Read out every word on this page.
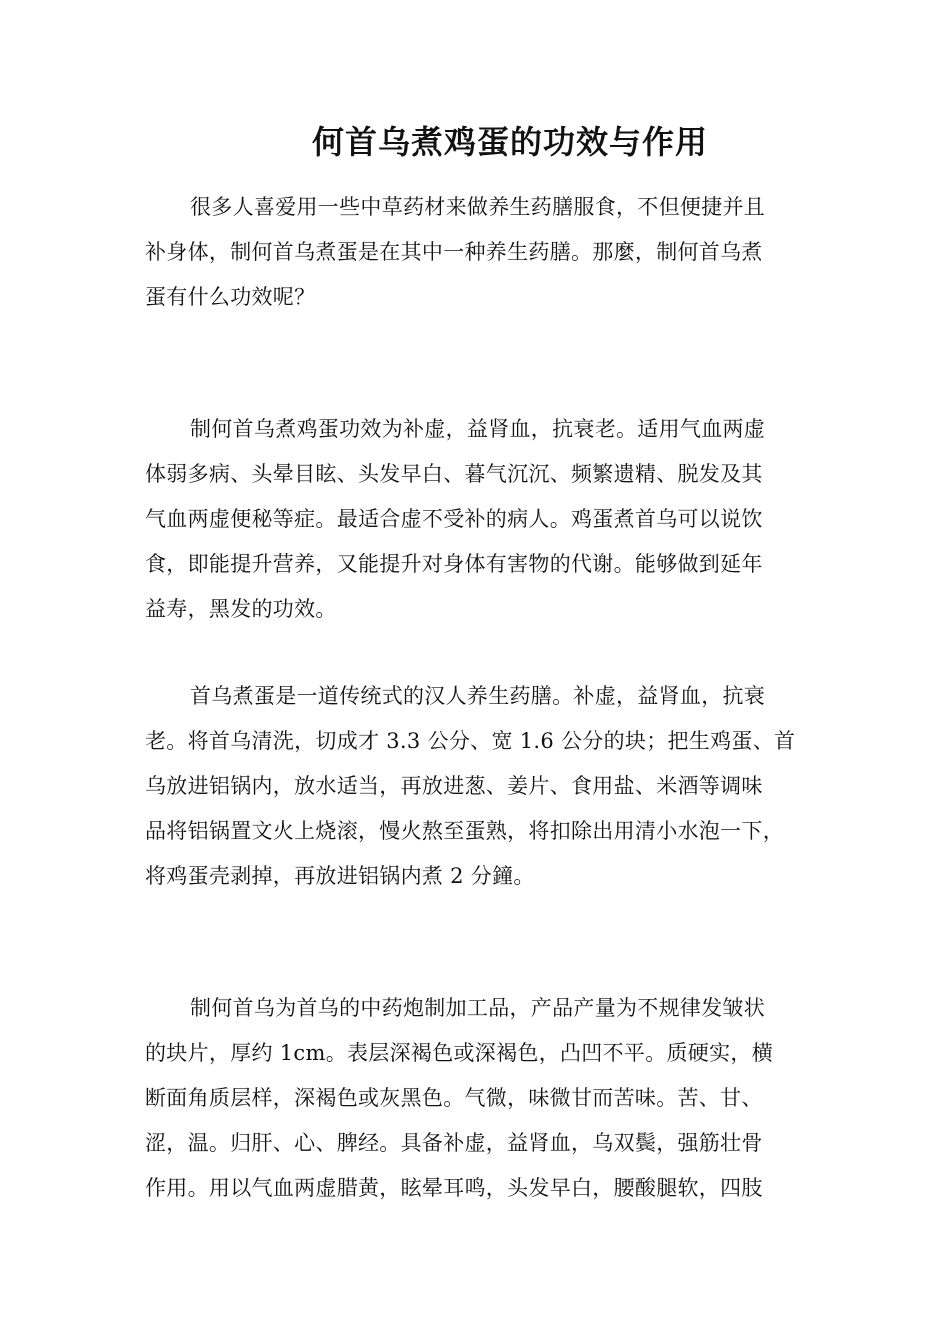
何首乌煮鸡蛋的功效与作用
很多人喜爱用一些中草药材来做养生药膳服食，不但便捷并且
补身体，制何首乌煮蛋是在其中一种养生药膳。那麼，制何首乌煮
蛋有什么功效呢？
制何首乌煮鸡蛋功效为补虚，益肾血，抗衰老。适用气血两虚
体弱多病、头晕目眩、头发早白、暮气沉沉、频繁遗精、脱发及其
气血两虚便秘等症。最适合虚不受补的病人。鸡蛋煮首乌可以说饮
食，即能提升营养，又能提升对身体有害物的代谢。能够做到延年
益寿，黑发的功效。
首乌煮蛋是一道传统式的汉人养生药膳。补虚，益肾血，抗衰
老。将首乌清洗，切成才 3.3 公分、宽 1.6 公分的块；把生鸡蛋、首
乌放进铝锅内，放水适当，再放进葱、姜片、食用盐、米酒等调味
品将铝锅置文火上烧滚，慢火熬至蛋熟，将扣除出用清小水泡一下，
将鸡蛋壳剥掉，再放进铝锅内煮 2 分鐘。
制何首乌为首乌的中药炮制加工品，产品产量为不规律发皱状
的块片，厚约 1cm。表层深褐色或深褐色，凸凹不平。质硬实，横
断面角质层样，深褐色或灰黑色。气微，味微甘而苦味。苦、甘、
涩，温。归肝、心、脾经。具备补虚，益肾血，乌双鬓，强筋壮骨
作用。用以气血两虚腊黄，眩晕耳鸣，头发早白，腰酸腿软，四肢
